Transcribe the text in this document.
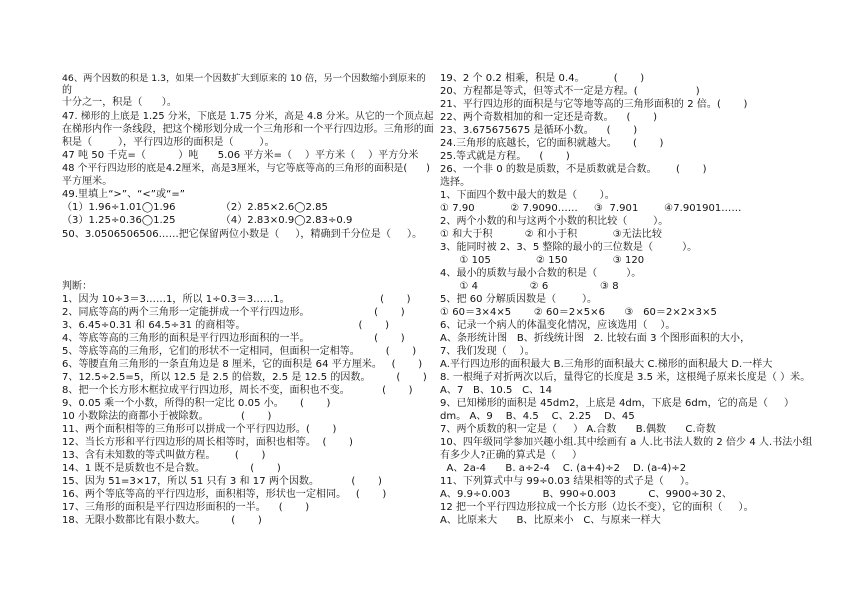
46、两个因数的积是 1.3，如果一个因数扩大到原来的 10 倍，另一个因数缩小到原来的
的
十分之一，积是（      ）。
47. 梯形的上底是 1.25 分米，下底是 1.75 分米，高是 4.8 分米。从它的一个顶点起
在梯形内作一条线段，把这个梯形划分成一个三角形和一个平行四边形。三角形的面
积是（        ），平行四边形的面积是（        ）。
47 吨 50 千克=（          ）吨      5.06 平方米=（    ）平方米（    ）平方分米
48 个平行四边形的底是4.2厘米，高是3厘米，与它等底等高的三角形的面积是(      )
平方厘米。
49.里填上“>”、“<”或“=”
（1）1.96÷1.01◯1.96              （2）2.85×2.6◯2.85
（3）1.25÷0.36◯1.25              （4）2.83×0.9◯2.83÷0.9
50、3.0506506506……把它保留两位小数是（     ），精确到千分位是（     ）。
判断：
1、因为 10÷3＝3……1，所以 1÷0.3＝3……1。                            (       )
2、同底等高的两个三角形一定能拼成一个平行四边形。                    (       )
3、6.45÷0.31 和 64.5÷31 的商相等。                                   (       )
4、等底等高的三角形的面积是平行四边形面积的一半。                    (       )
5、等底等高的三角形，它们的形状不一定相同，但面积一定相等。        (       )
6、等腰直角三角形的一条直角边是 8 厘米，它的面积是 64 平方厘米。   (       )
7、12.5÷2.5=5，所以 12.5 是 2.5 的倍数，2.5 是 12.5 的因数。        (       )
8、把一个长方形木框拉成平行四边形，周长不变，面积也不变。          (       )
9、0.05 乘一个小数，所得的积一定比 0.05 小。     (       )
10 小数除法的商都小于被除数。          (       )
11、两个面积相等的三角形可以拼成一个平行四边形。(       )
12、当长方形和平行四边形的周长相等时，面积也相等。  (       )
13、含有未知数的等式叫做方程。      (       )
14、1 既不是质数也不是合数。              (       )
15、因为 51=3×17，所以 51 只有 3 和 17 两个因数。          (       )
16、两个等底等高的平行四边形，面积相等，形状也一定相同。   (       )
17、三角形的面积是平行四边形面积的一半。    (       )
18、无限小数都比有限小数大。        (       )
19、2 个 0.2 相乘，积是 0.4。         (       )
20、方程都是等式，但等式不一定是方程。(                  )
21、平行四边形的面积是与它等地等高的三角形面积的 2 倍。(       )
22、两个奇数相加的和一定还是奇数。    (       )
23、3.675675675 是循环小数。    (       )
24.三角形的底越长，它的面积就越大。     (       )
25.等式就是方程。    (       )
26、一个非 0 的数是质数，不是质数就是合数。      (       )
选择。
1、下面四个数中最大的数是（       ）。
① 7.90           ② 7.9090……     ③  7.901        ④7.901901……
2、两个小数的和与这两个小数的积比较（        ）。
① 和大于积          ② 和小于积           ③无法比较
3、能同时被 2、3、5 整除的最小的三位数是（         ）。
① 105              ② 150              ③ 120
4、最小的质数与最小合数的积是（         ）。
① 4                ② 6                ③ 8
5、把 60 分解质因数是（        ）。
① 60＝3×4×5       ② 60＝2×5×6      ③   60＝2×2×3×5
6、记录一个病人的体温变化情况，应该选用（    ）。
A、条形统计图   B、折线统计图   2. 比较右面 3 个图形面积的大小，
7、我们发现（    ）。
A.平行四边形的面积最大 B.三角形的面积最大 C.梯形的面积最大 D.一样大
8. 一根绳子对折两次以后，量得它的长度是 3.5 米，这根绳子原来长度是（ ）米。
A、7   B、10.5   C、14
9、已知梯形的面积是 45dm2，上底是 4dm，下底是 6dm，它的高是（     ）
dm。 A、9    B、4.5    C、2.25    D、45
7、两个质数的积一定是（     ） A.合数      B.偶数      C.奇数
10、四年级同学参加兴趣小组.其中绘画有 a 人.比书法人数的 2 倍少 4 人.书法小组
有多少人?正确的算式是（     ）
A、2a-4      B. a÷2-4    C. (a+4)÷2    D. (a-4)÷2
11、下列算式中与 99÷0.03 结果相等的式子是（     ）。
A、9.9÷0.003          B、990÷0.003          C、9900÷30 2、
12 把一个平行四边形拉成一个长方形（边长不变），它的面积（     ）。
A、比原来大      B、比原来小   C、与原来一样大
